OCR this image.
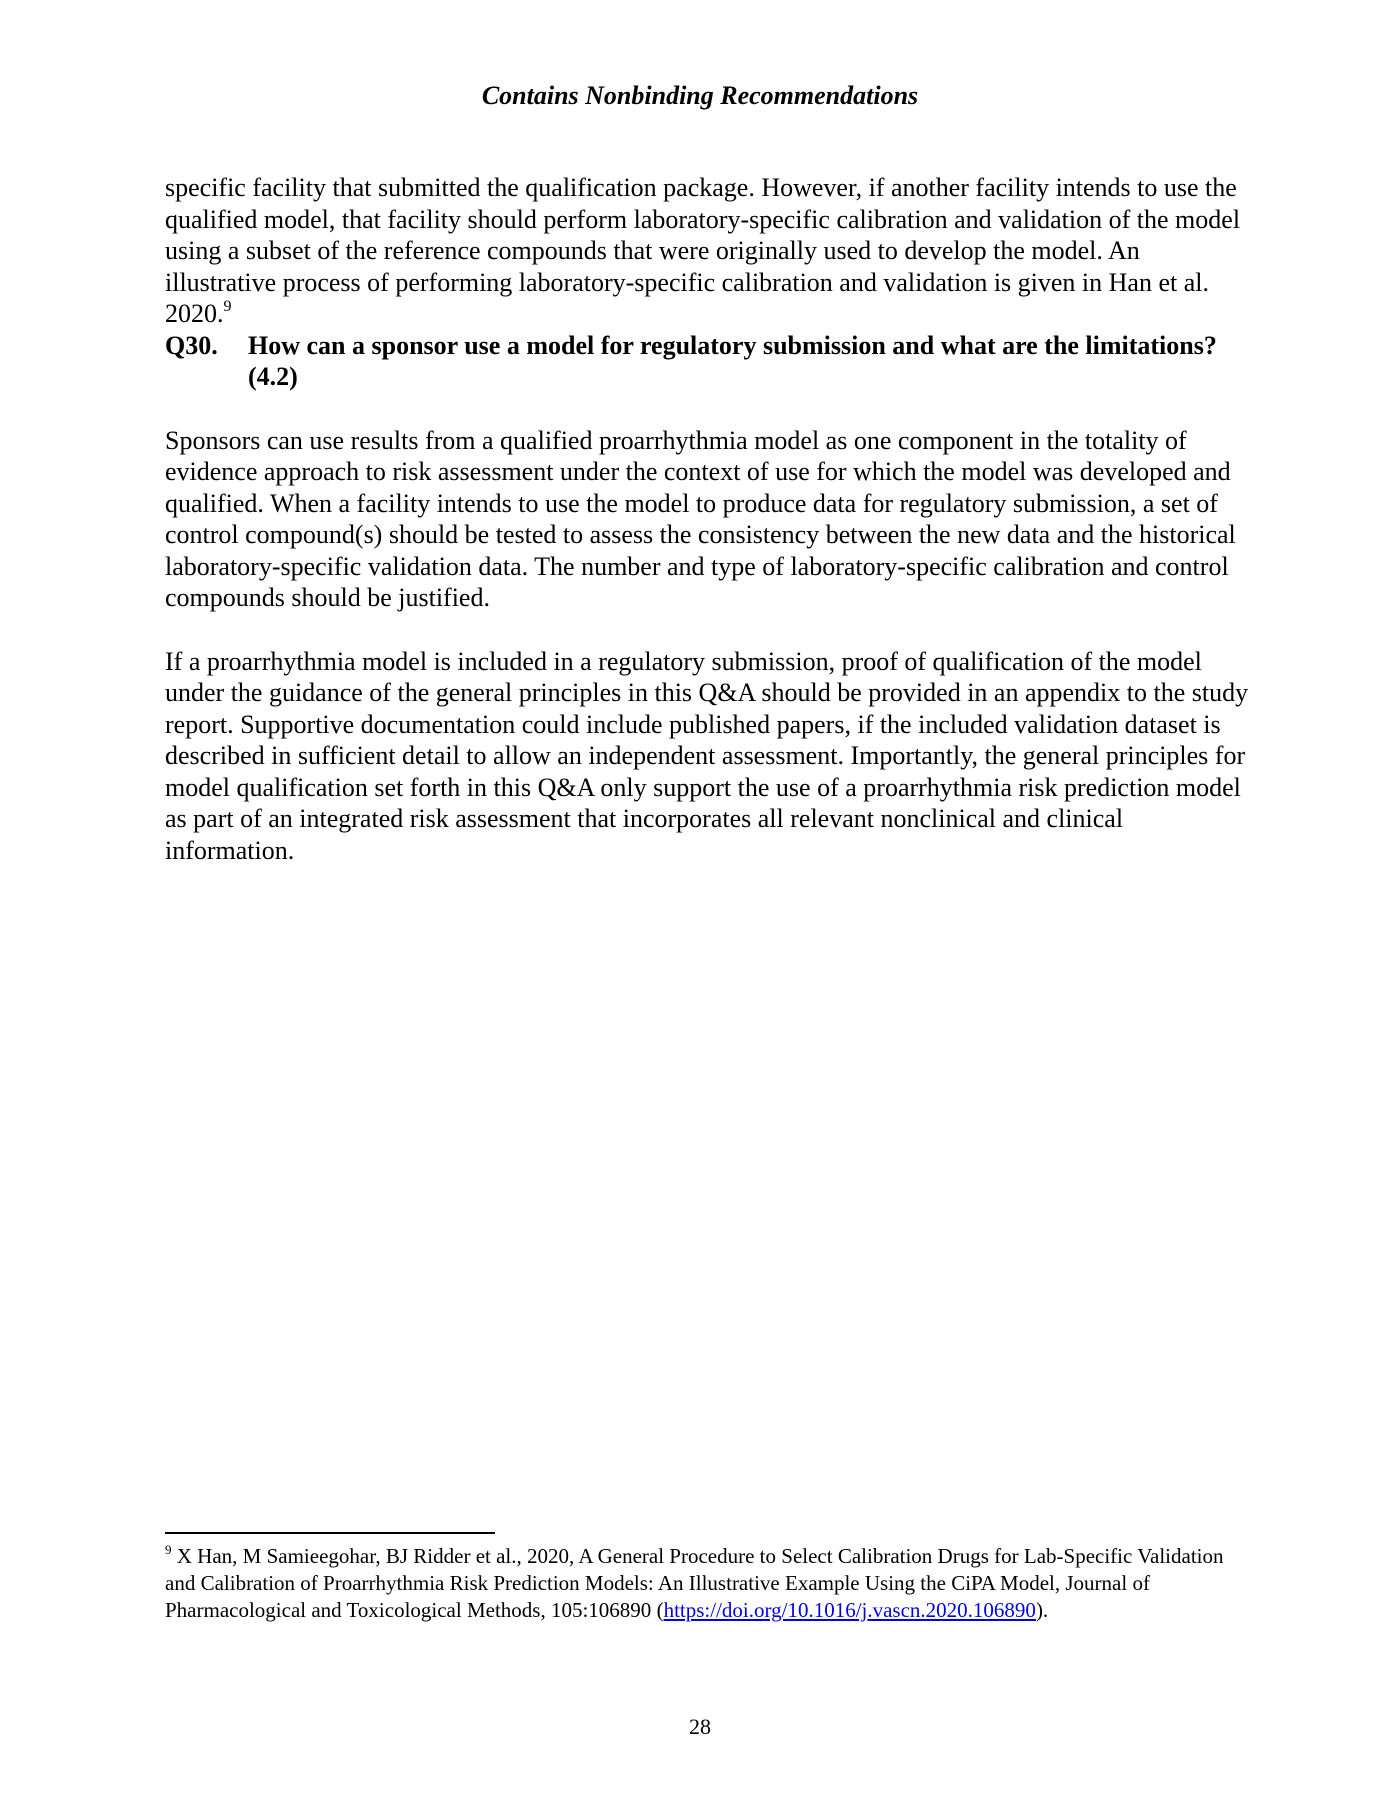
Contains Nonbinding Recommendations

specific facility that submitted the qualification package. However, if another facility intends to use the qualified model, that facility should perform laboratory-specific calibration and validation of the model using a subset of the reference compounds that were originally used to develop the model. An illustrative process of performing laboratory-specific calibration and validation is given in Han et al. 2020.$^9$

Q30. How can a sponsor use a model for regulatory submission and what are the limitations? (4.2)

Sponsors can use results from a qualified proarrhythmia model as one component in the totality of evidence approach to risk assessment under the context of use for which the model was developed and qualified. When a facility intends to use the model to produce data for regulatory submission, a set of control compound(s) should be tested to assess the consistency between the new data and the historical laboratory-specific validation data. The number and type of laboratory-specific calibration and control compounds should be justified.

If a proarrhythmia model is included in a regulatory submission, proof of qualification of the model under the guidance of the general principles in this Q&A should be provided in an appendix to the study report. Supportive documentation could include published papers, if the included validation dataset is described in sufficient detail to allow an independent assessment. Importantly, the general principles for model qualification set forth in this Q&A only support the use of a proarrhythmia risk prediction model as part of an integrated risk assessment that incorporates all relevant nonclinical and clinical information.

$^9$ X Han, M Samieegohar, BJ Ridder et al., 2020, A General Procedure to Select Calibration Drugs for Lab-Specific Validation and Calibration of Proarrhythmia Risk Prediction Models: An Illustrative Example Using the CiPA Model, Journal of Pharmacological and Toxicological Methods, 105:106890 (https://doi.org/10.1016/j.vascn.2020.106890).
28
